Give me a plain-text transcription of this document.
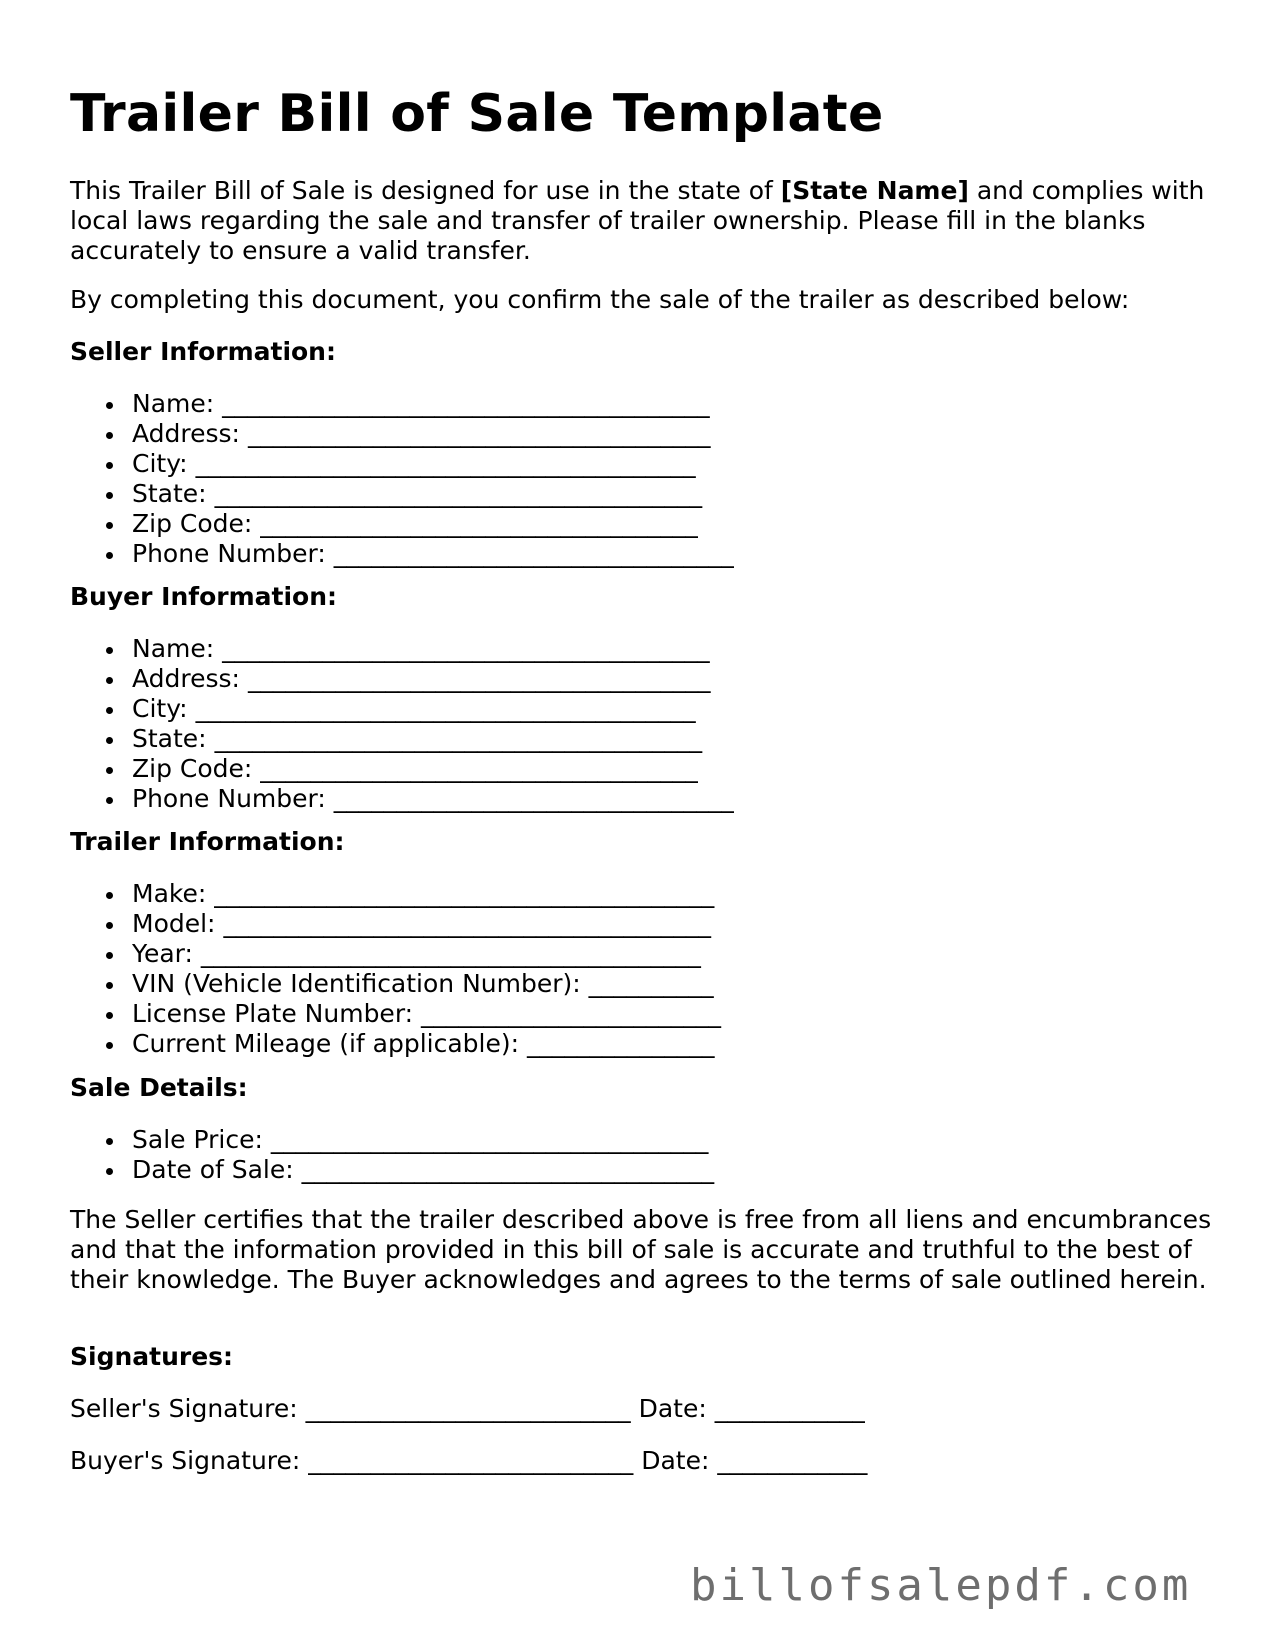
Trailer Bill of Sale Template

This Trailer Bill of Sale is designed for use in the state of [State Name] and complies with local laws regarding the sale and transfer of trailer ownership. Please fill in the blanks accurately to ensure a valid transfer.

By completing this document, you confirm the sale of the trailer as described below:

Seller Information:

Name: _______________________________________
Address: _____________________________________
City: ________________________________________
State: _______________________________________
Zip Code: ___________________________________
Phone Number: ________________________________

Buyer Information:

Name: _______________________________________
Address: _____________________________________
City: ________________________________________
State: _______________________________________
Zip Code: ___________________________________
Phone Number: ________________________________

Trailer Information:

Make: ________________________________________
Model: _______________________________________
Year: ________________________________________
VIN (Vehicle Identification Number): __________
License Plate Number: ________________________
Current Mileage (if applicable): _______________

Sale Details:

Sale Price: ___________________________________
Date of Sale: _________________________________

The Seller certifies that the trailer described above is free from all liens and encumbrances and that the information provided in this bill of sale is accurate and truthful to the best of their knowledge. The Buyer acknowledges and agrees to the terms of sale outlined herein.

Signatures:

Seller's Signature: __________________________ Date: ____________

Buyer's Signature: __________________________ Date: ____________

billofsalepdf.com
